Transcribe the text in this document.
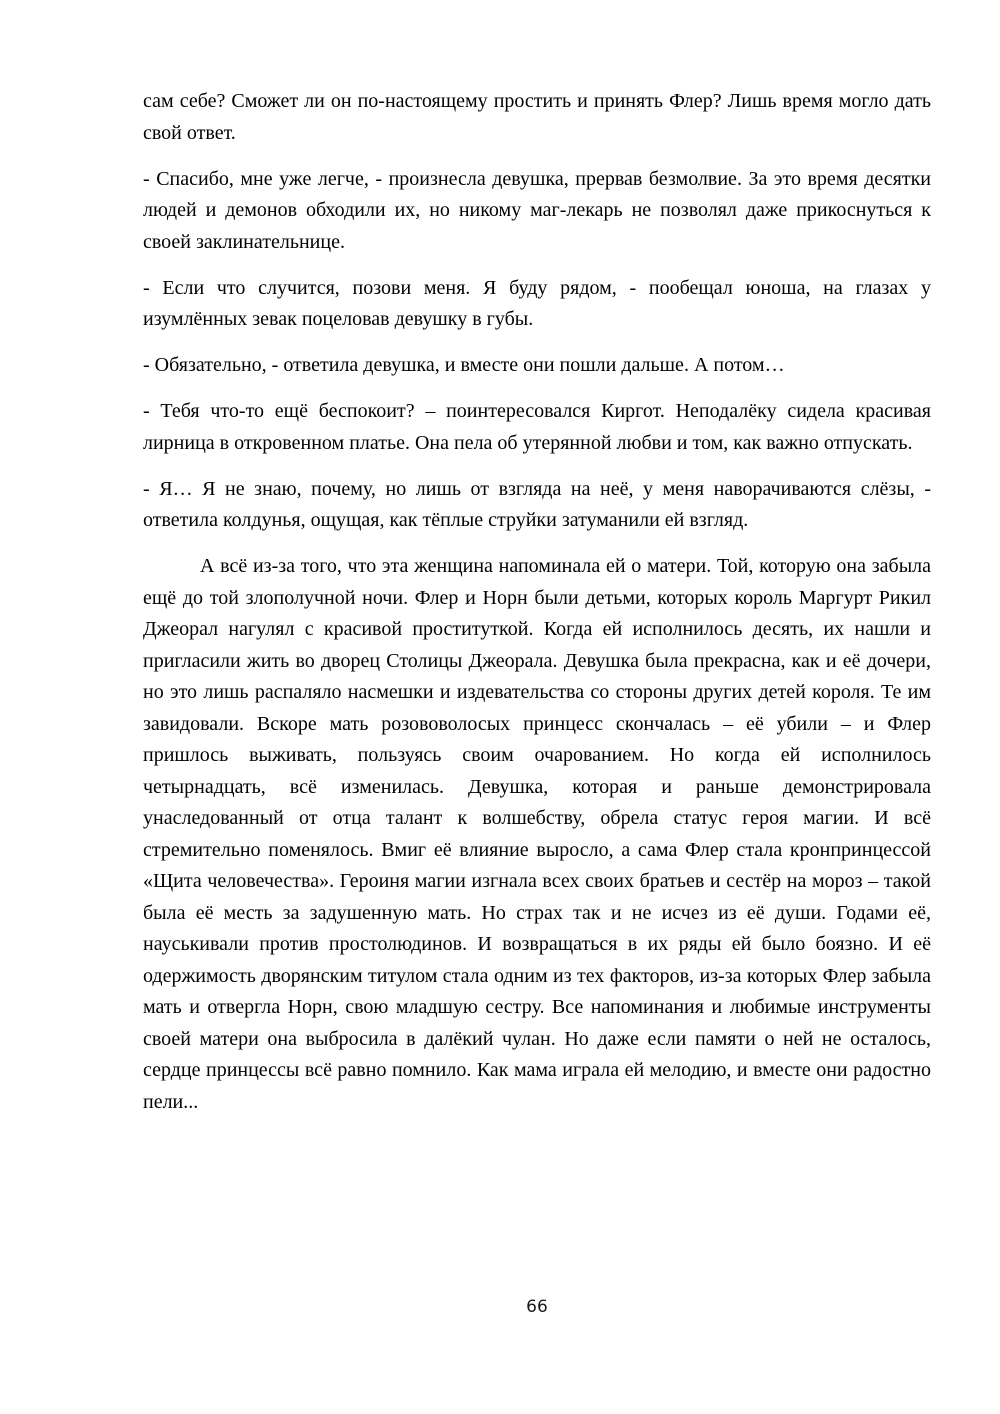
сам себе? Сможет ли он по-настоящему простить и принять Флер? Лишь время могло дать свой ответ.

- Спасибо, мне уже легче, - произнесла девушка, прервав безмолвие. За это время десятки людей и демонов обходили их, но никому маг-лекарь не позволял даже прикоснуться к своей заклинательнице.

- Если что случится, позови меня. Я буду рядом, - пообещал юноша, на глазах у изумлённых зевак поцеловав девушку в губы.

- Обязательно, - ответила девушка, и вместе они пошли дальше. А потом…

- Тебя что-то ещё беспокоит? – поинтересовался Киргот. Неподалёку сидела красивая лирница в откровенном платье. Она пела об утерянной любви и том, как важно отпускать.

- Я… Я не знаю, почему, но лишь от взгляда на неё, у меня наворачиваются слёзы, - ответила колдунья, ощущая, как тёплые струйки затуманили ей взгляд.

А всё из-за того, что эта женщина напоминала ей о матери. Той, которую она забыла ещё до той злополучной ночи. Флер и Норн были детьми, которых король Маргурт Рикил Джеорал нагулял с красивой проституткой. Когда ей исполнилось десять, их нашли и пригласили жить во дворец Столицы Джеорала. Девушка была прекрасна, как и её дочери, но это лишь распаляло насмешки и издевательства со стороны других детей короля. Те им завидовали. Вскоре мать розововолосых принцесс скончалась – её убили – и Флер пришлось выживать, пользуясь своим очарованием. Но когда ей исполнилось четырнадцать, всё изменилась. Девушка, которая и раньше демонстрировала унаследованный от отца талант к волшебству, обрела статус героя магии. И всё стремительно поменялось. Вмиг её влияние выросло, а сама Флер стала кронпринцессой «Щита человечества». Героиня магии изгнала всех своих братьев и сестёр на мороз – такой была её месть за задушенную мать. Но страх так и не исчез из её души. Годами её, науськивали против простолюдинов. И возвращаться в их ряды ей было боязно. И её одержимость дворянским титулом стала одним из тех факторов, из-за которых Флер забыла мать и отвергла Норн, свою младшую сестру. Все напоминания и любимые инструменты своей матери она выбросила в далёкий чулан. Но даже если памяти о ней не осталось, сердце принцессы всё равно помнило. Как мама играла ей мелодию, и вместе они радостно пели...

66
